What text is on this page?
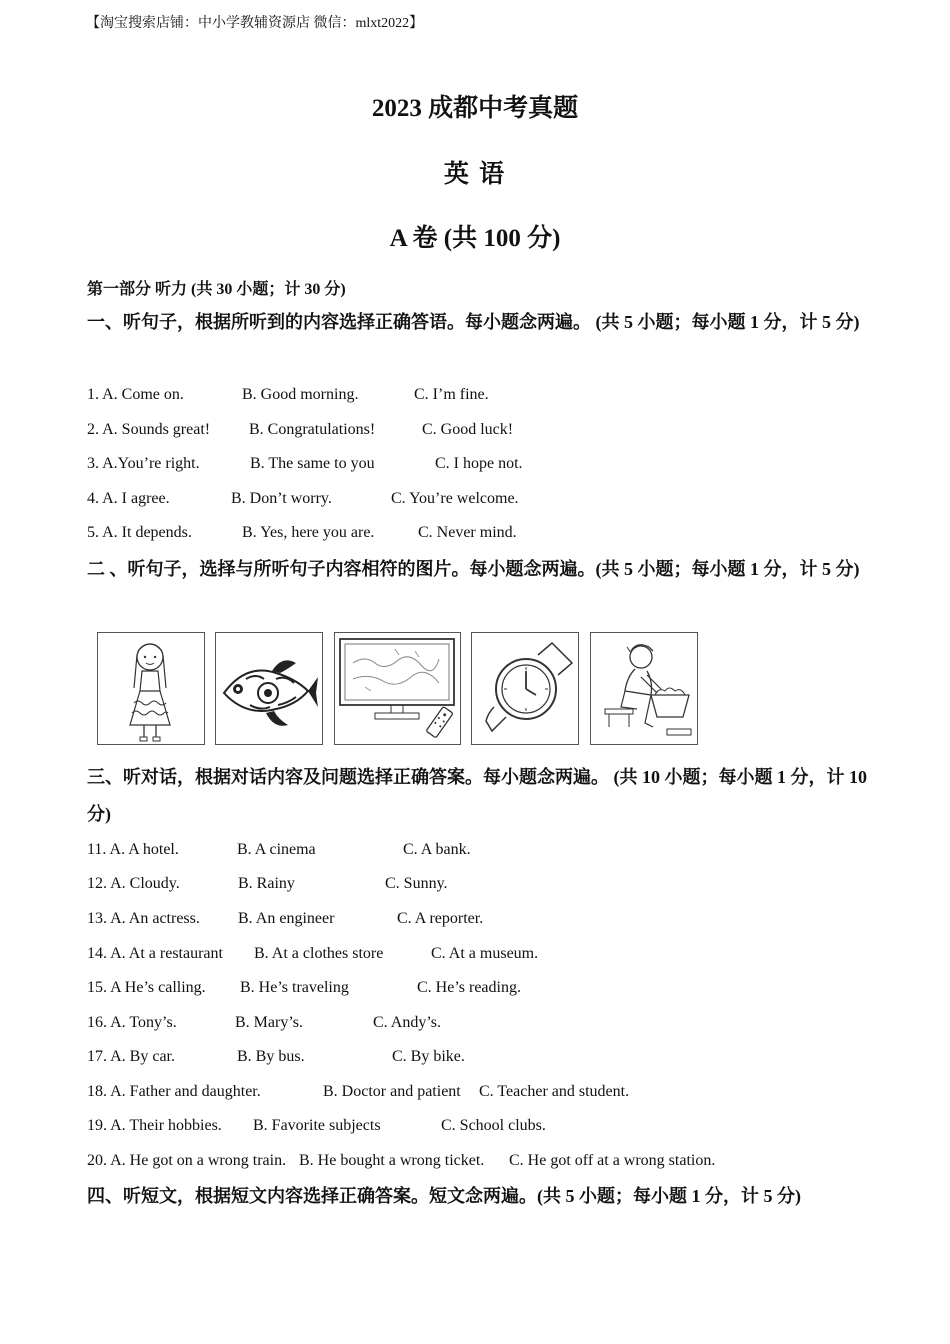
【淘宝搜索店铺：中小学教辅资源店 微信：mlxt2022】
2023 成都中考真题
英 语
A 卷 (共 100 分)
第一部分 听力 (共 30 小题；计 30 分)
一、听句子，根据所听到的内容选择正确答语。每小题念两遍。 (共 5 小题；每小题 1 分，计 5 分)
1. A. Come on.	B. Good morning.	C. I’m fine.
2. A. Sounds great! B. Congratulations!	C. Good luck!
3. A.You’re right.	B. The same to you	C. I hope not.
4. A. I agree.	B. Don’t worry.	C. You’re welcome.
5. A. It depends.	B. Yes, here you are.	C. Never mind.
二 、听句子，选择与所听句子内容相符的图片。每小题念两遍。(共 5 小题；每小题 1 分，计 5 分)
三、听对话，根据对话内容及问题选择正确答案。每小题念两遍。 (共 10 小题；每小题 1 分，计 10 分)
11. A. A hotel.	B. A cinema	C. A bank.
12. A. Cloudy.	B. Rainy	C. Sunny.
13. A. An actress. B. An engineer	C. A reporter.
14. A. At a restaurant B. At a clothes store	C. At a museum.
15. A He’s calling. B. He’s traveling	C. He’s reading.
16. A. Tony’s.	B. Mary’s.	C. Andy’s.
17. A. By car.	B. By bus.	C. By bike.
18. A. Father and daughter.	B. Doctor and patient C. Teacher and student.
19. A. Their hobbies. B. Favorite subjects	C. School clubs.
20. A. He got on a wrong train. B. He bought a wrong ticket. C. He got off at a wrong station.
四、听短文，根据短文内容选择正确答案。短文念两遍。(共 5 小题；每小题 1 分，计 5 分)
